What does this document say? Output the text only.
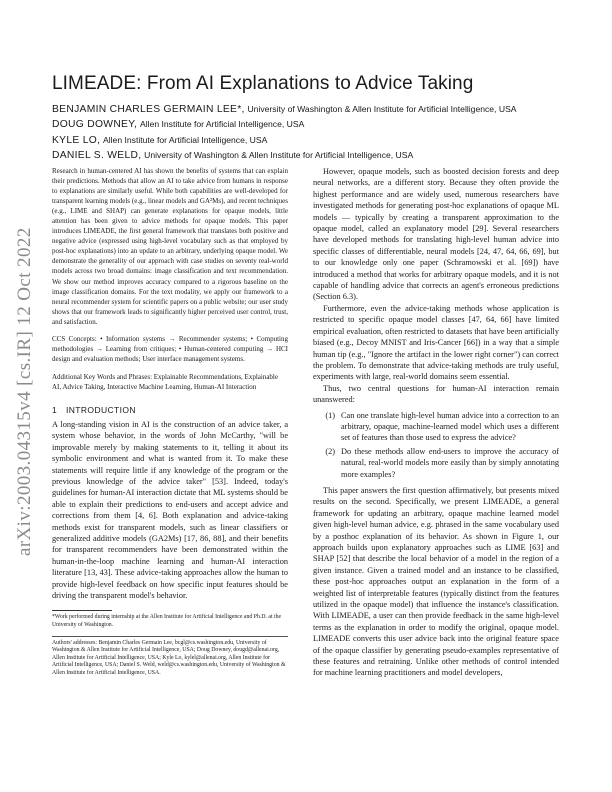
arXiv:2003.04315v4 [cs.IR] 12 Oct 2022
LIMEADE: From AI Explanations to Advice Taking
BENJAMIN CHARLES GERMAIN LEE*, University of Washington & Allen Institute for Artificial Intelligence, USA
DOUG DOWNEY, Allen Institute for Artificial Intelligence, USA
KYLE LO, Allen Institute for Artificial Intelligence, USA
DANIEL S. WELD, University of Washington & Allen Institute for Artificial Intelligence, USA

Research in human-centered AI has shown the benefits of systems that can explain their predictions. Methods that allow an AI to take advice from humans in response to explanations are similarly useful. While both capabilities are well-developed for transparent learning models (e.g., linear models and GA²Ms), and recent techniques (e.g., LIME and SHAP) can generate explanations for opaque models, little attention has been given to advice methods for opaque models. This paper introduces LIMEADE, the first general framework that translates both positive and negative advice (expressed using high-level vocabulary such as that employed by post-hoc explanations) into an update to an arbitrary, underlying opaque model. We demonstrate the generality of our approach with case studies on seventy real-world models across two broad domains: image classification and text recommendation. We show our method improves accuracy compared to a rigorous baseline on the image classification domains. For the text modality, we apply our framework to a neural recommender system for scientific papers on a public website; our user study shows that our framework leads to significantly higher perceived user control, trust, and satisfaction.

CCS Concepts: • Information systems → Recommender systems; • Computing methodologies → Learning from critiques; • Human-centered computing → HCI design and evaluation methods; User interface management systems.

Additional Key Words and Phrases: Explainable Recommendations, Explainable AI, Advice Taking, Interactive Machine Learning, Human-AI Interaction

1 INTRODUCTION

A long-standing vision in AI is the construction of an advice taker, a system whose behavior, in the words of John McCarthy, "will be improvable merely by making statements to it, telling it about its symbolic environment and what is wanted from it. To make these statements will require little if any knowledge of the program or the previous knowledge of the advice taker" [53]. Indeed, today's guidelines for human-AI interaction dictate that ML systems should be able to explain their predictions to end-users and accept advice and corrections from them [4, 6]. Both explanation and advice-taking methods exist for transparent models, such as linear classifiers or generalized additive models (GA2Ms) [17, 86, 88], and their benefits for transparent recommenders have been demonstrated within the human-in-the-loop machine learning and human-AI interaction literature [13, 43]. These advice-taking approaches allow the human to provide high-level feedback on how specific input features should be driving the transparent model's behavior.

*Work performed during internship at the Allen Institute for Artificial Intelligence and Ph.D. at the University of Washington.

Authors' addresses: Benjamin Charles Germain Lee, bcgl@cs.washington.edu, University of Washington & Allen Institute for Artificial Intelligence, USA; Doug Downey, dougd@allenai.org, Allen Institute for Artificial Intelligence, USA; Kyle Lo, kylel@allenai.org, Allen Institute for Artificial Intelligence, USA; Daniel S. Weld, weld@cs.washington.edu, University of Washington & Allen Institute for Artificial Intelligence, USA.

However, opaque models, such as boosted decision forests and deep neural networks, are a different story. Because they often provide the highest performance and are widely used, numerous researchers have investigated methods for generating post-hoc explanations of opaque ML models — typically by creating a transparent approximation to the opaque model, called an explanatory model [29]. Several researchers have developed methods for translating high-level human advice into specific classes of differentiable, neural models [24, 47, 64, 66, 69], but to our knowledge only one paper (Schramowski et al. [69]) have introduced a method that works for arbitrary opaque models, and it is not capable of handling advice that corrects an agent's erroneous predictions (Section 6.3).

Furthermore, even the advice-taking methods whose application is restricted to specific opaque model classes [47, 64, 66] have limited empirical evaluation, often restricted to datasets that have been artificially biased (e.g., Decoy MNIST and Iris-Cancer [66]) in a way that a simple human tip (e.g., "Ignore the artifact in the lower right corner") can correct the problem. To demonstrate that advice-taking methods are truly useful, experiments with large, real-world domains seem essential.

Thus, two central questions for human-AI interaction remain unanswered:

(1) Can one translate high-level human advice into a correction to an arbitrary, opaque, machine-learned model which uses a different set of features than those used to express the advice?
(2) Do these methods allow end-users to improve the accuracy of natural, real-world models more easily than by simply annotating more examples?

This paper answers the first question affirmatively, but presents mixed results on the second. Specifically, we present LIMEADE, a general framework for updating an arbitrary, opaque machine learned model given high-level human advice, e.g. phrased in the same vocabulary used by a posthoc explanation of its behavior. As shown in Figure 1, our approach builds upon explanatory approaches such as LIME [63] and SHAP [52] that describe the local behavior of a model in the region of a given instance. Given a trained model and an instance to be classified, these post-hoc approaches output an explanation in the form of a weighted list of interpretable features (typically distinct from the features utilized in the opaque model) that influence the instance's classification. With LIMEADE, a user can then provide feedback in the same high-level terms as the explanation in order to modify the original, opaque model. LIMEADE converts this user advice back into the original feature space of the opaque classifier by generating pseudo-examples representative of these features and retraining. Unlike other methods of control intended for machine learning practitioners and model developers,
